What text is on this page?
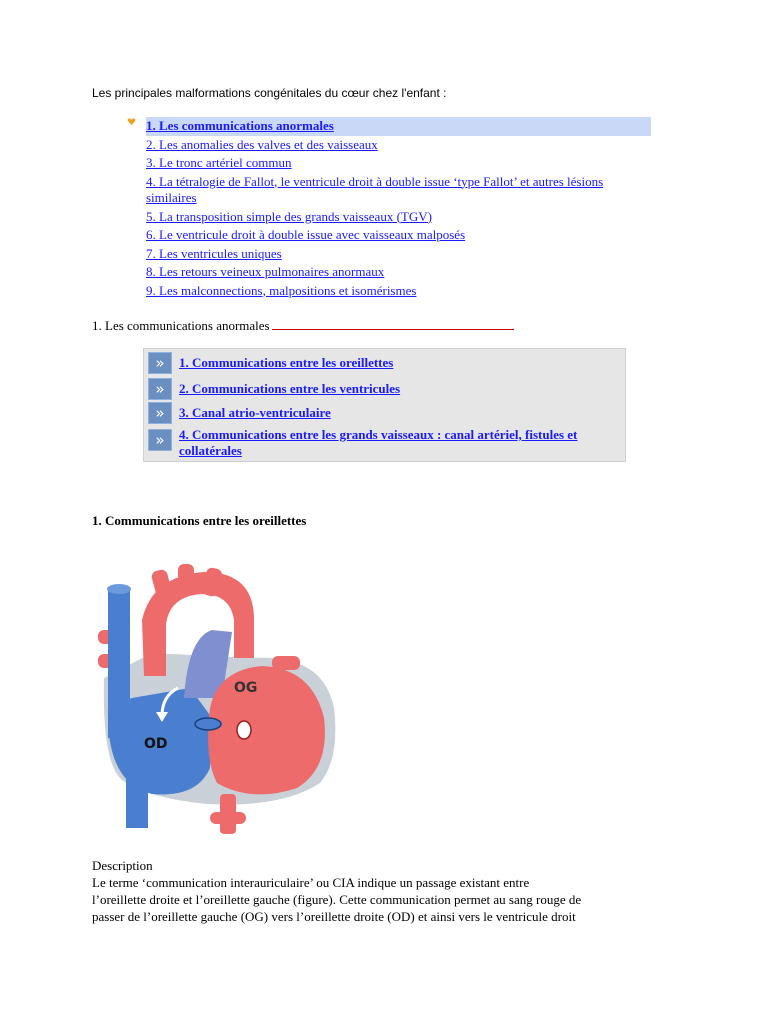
Les principales malformations congénitales du cœur chez l'enfant :
1. Les communications anormales
2. Les anomalies des valves et des vaisseaux
3. Le tronc artériel commun
4. La tétralogie de Fallot, le ventricule droit à double issue ‘type Fallot’ et autres lésions similaires
5. La transposition simple des grands vaisseaux (TGV)
6. Le ventricule droit à double issue avec vaisseaux malposés
7. Les ventricules uniques
8. Les retours veineux pulmonaires anormaux
9. Les malconnections, malpositions et isomérismes
1. Les communications anormales
»	1. Communications entre les oreillettes
»	2. Communications entre les ventricules
»	3. Canal atrio-ventriculaire
»	4. Communications entre les grands vaisseaux : canal artériel, fistules et collatérales
1. Communications entre les oreillettes
OG
OD
Description
Le terme ‘communication interauriculaire’ ou CIA indique un passage existant entre
l’oreillette droite et l’oreillette gauche (figure). Cette communication permet au sang rouge de
passer de l’oreillette gauche (OG) vers l’oreillette droite (OD) et ainsi vers le ventricule droit
